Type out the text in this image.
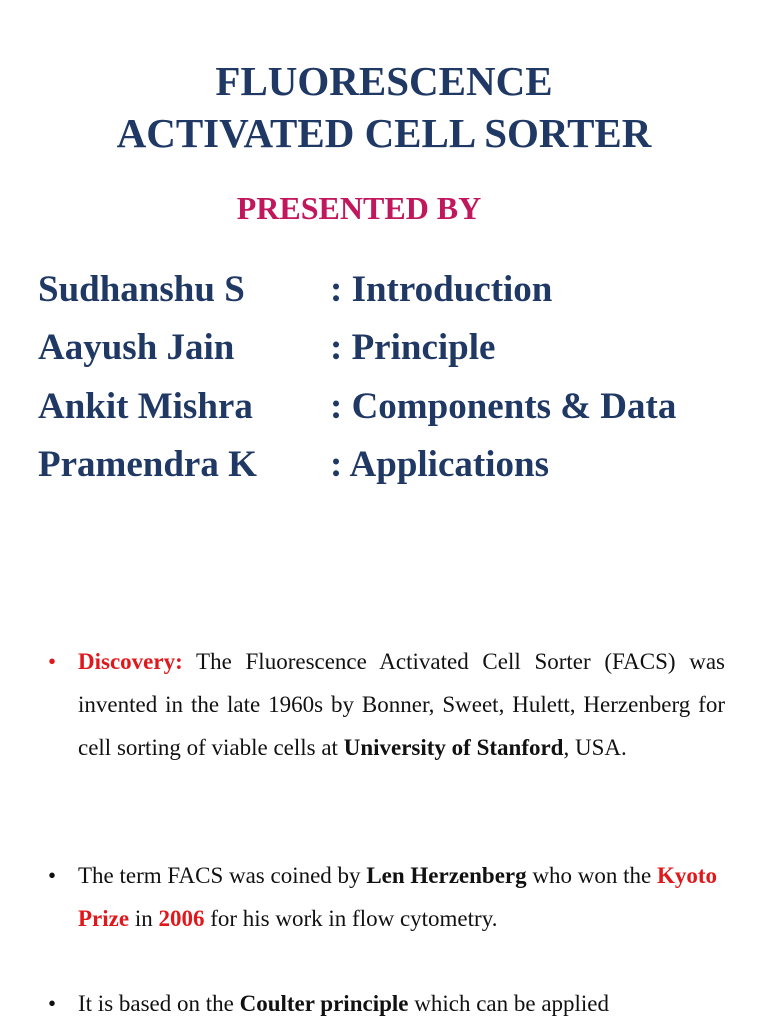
FLUORESCENCE
ACTIVATED CELL SORTER
PRESENTED BY
Sudhanshu S : Introduction
Aayush Jain	: Principle
Ankit Mishra : Components & Data
Pramendra K : Applications
• Discovery: The Fluorescence Activated Cell Sorter (FACS) was invented in the late 1960s by Bonner, Sweet, Hulett, Herzenberg for cell sorting of viable cells at University of Stanford, USA.
• The term FACS was coined by Len Herzenberg who won the Kyoto Prize in 2006 for his work in flow cytometry.
• It is based on the Coulter principle which can be applied
